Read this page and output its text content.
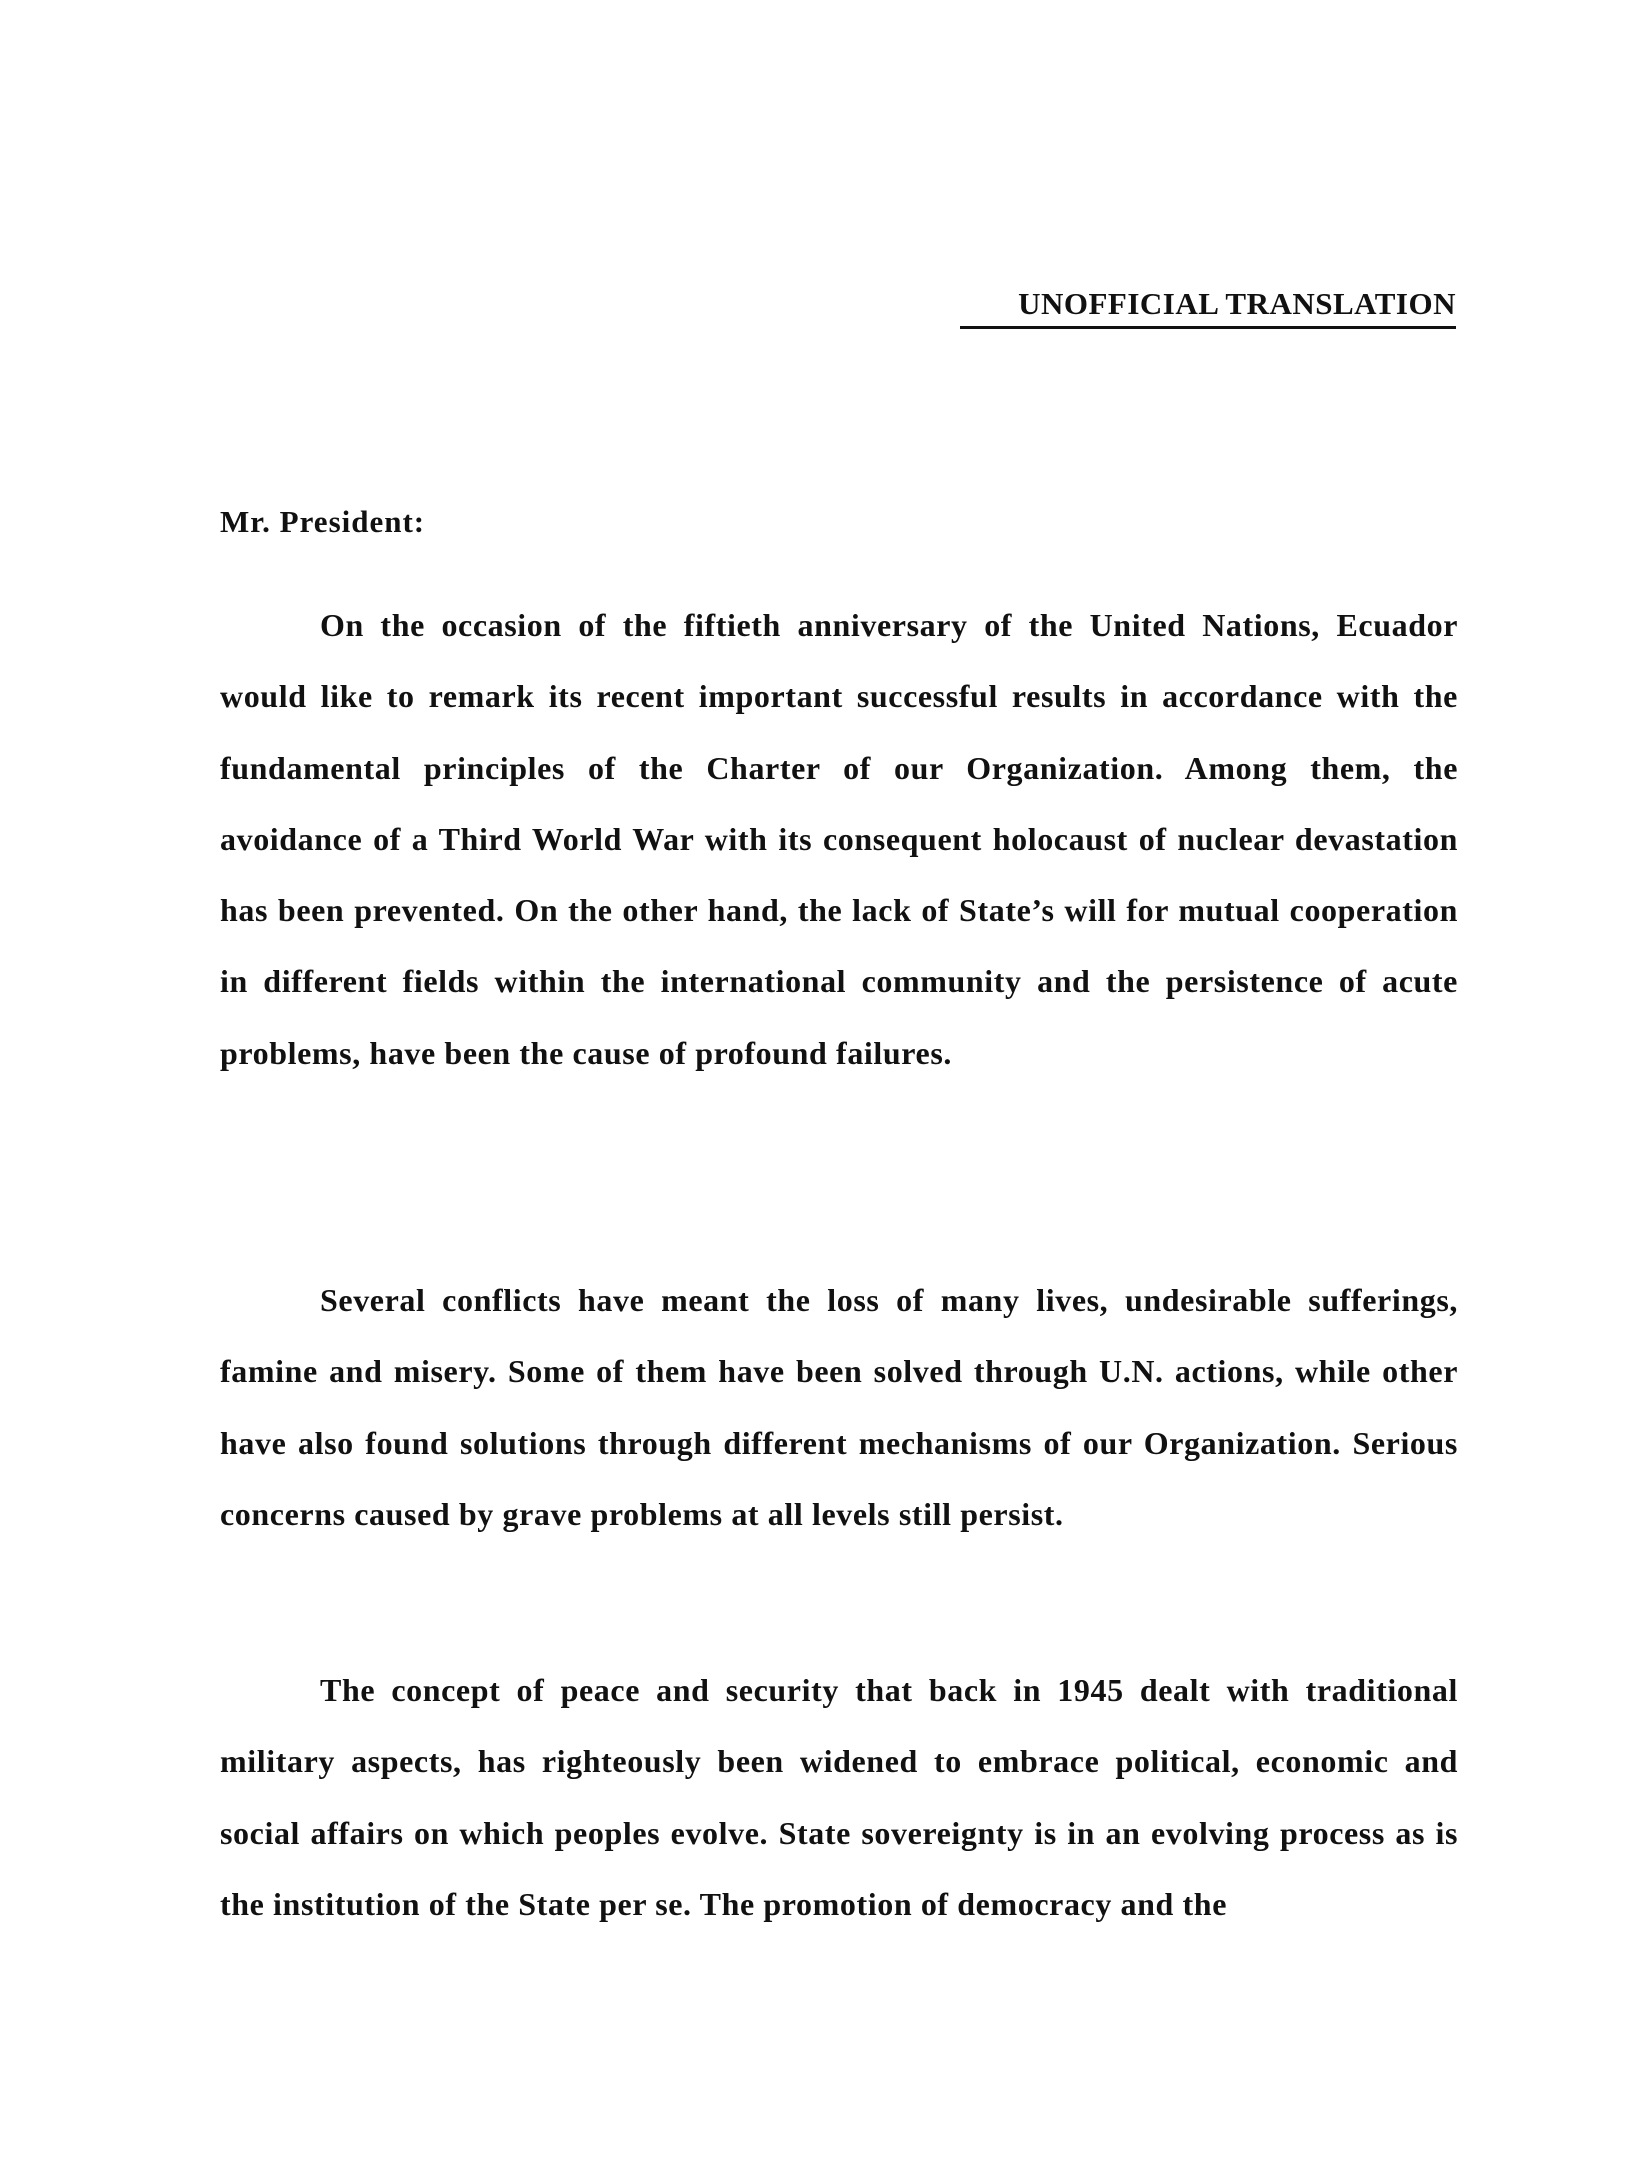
UNOFFICIAL TRANSLATION
Mr. President:

On the occasion of the fiftieth anniversary of the United Nations, Ecuador would like to remark its recent important successful results in accordance with the fundamental principles of the Charter of our Organization. Among them, the avoidance of a Third World War with its consequent holocaust of nuclear devastation has been prevented. On the other hand, the lack of State’s will for mutual cooperation in different fields within the international community and the persistence of acute problems, have been the cause of profound failures.

Several conflicts have meant the loss of many lives, undesirable sufferings, famine and misery. Some of them have been solved through U.N. actions, while other have also found solutions through different mechanisms of our Organization. Serious concerns caused by grave problems at all levels still persist.

The concept of peace and security that back in 1945 dealt with traditional military aspects, has righteously been widened to embrace political, economic and social affairs on which peoples evolve. State sovereignty is in an evolving process as is the institution of the State per se. The promotion of democracy and the
